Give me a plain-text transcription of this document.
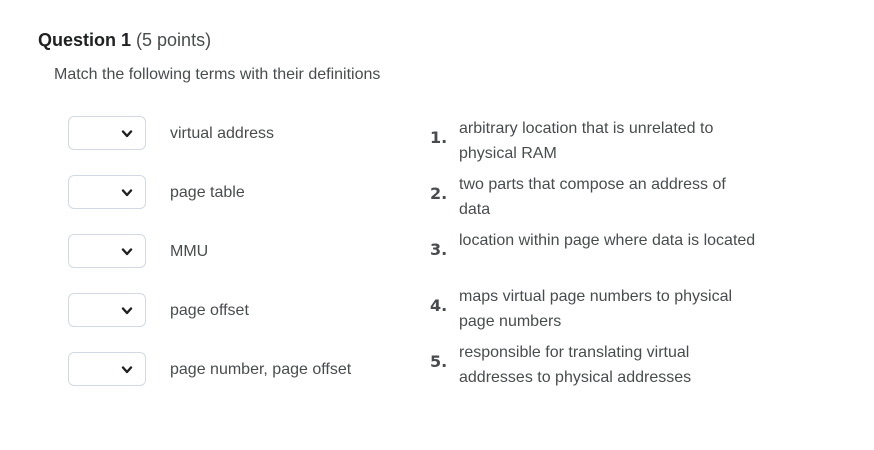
Question 1 (5 points)
Match the following terms with their definitions
virtual address
page table
MMU
page offset
page number, page offset
1. arbitrary location that is unrelated to physical RAM
2. two parts that compose an address of data
3. location within page where data is located
4. maps virtual page numbers to physical page numbers
5. responsible for translating virtual addresses to physical addresses
